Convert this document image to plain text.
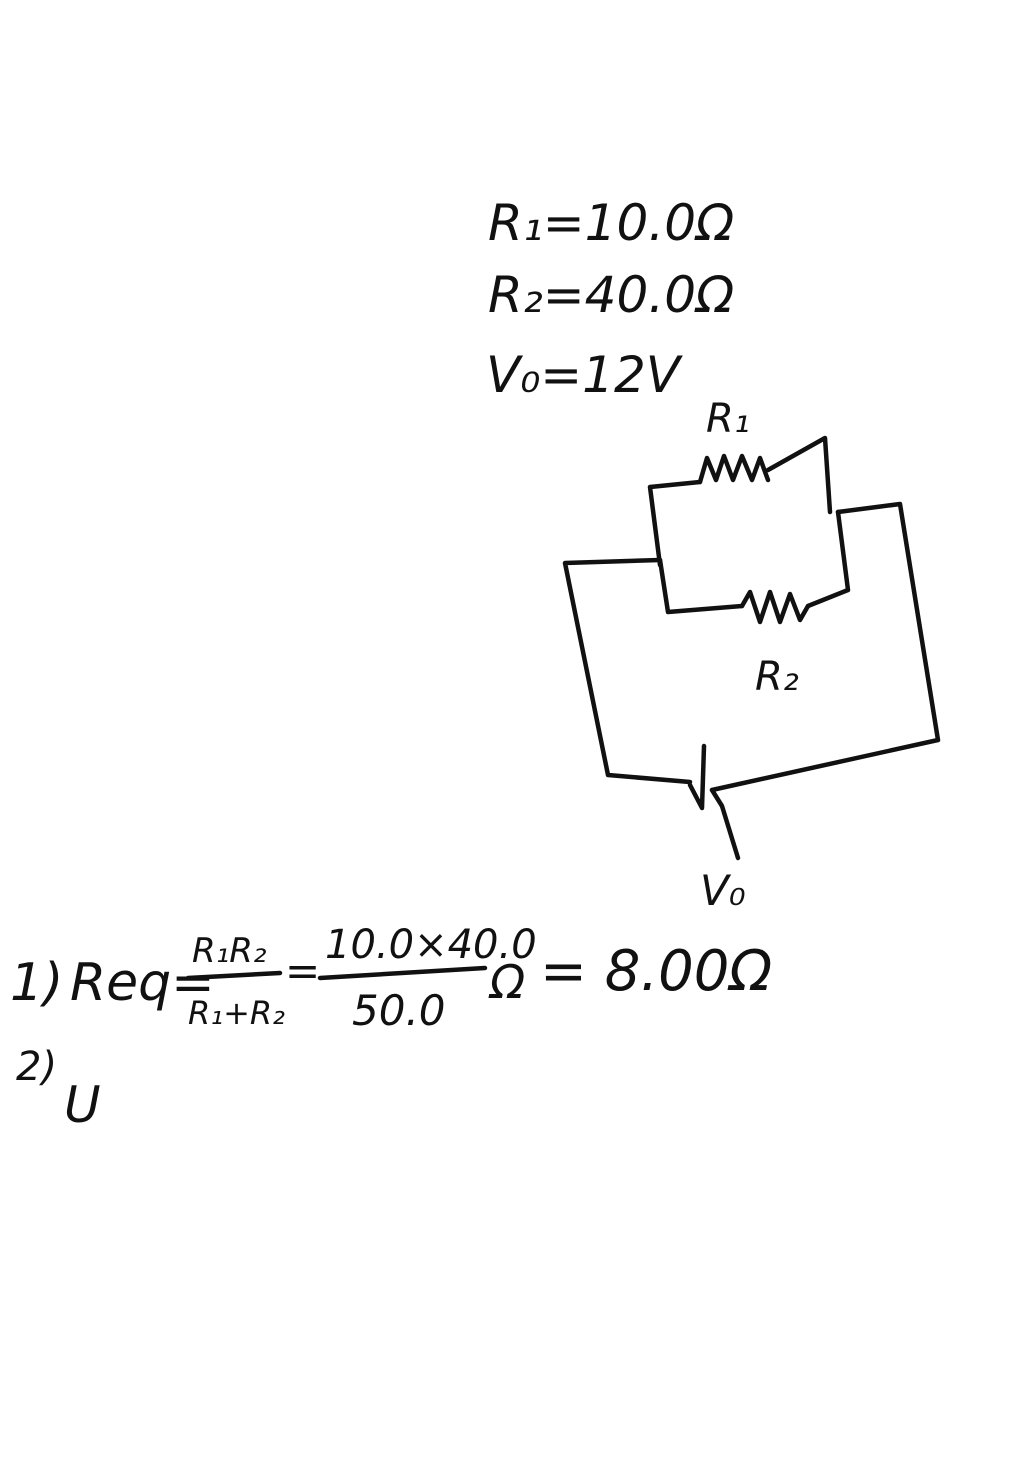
R₁=10.0Ω
R₂=40.0Ω
V₀=12V
R₁
R₂
V₀
1) Req=
R₁R₂
R₁+R₂
=
10.0×40.0
50.0
Ω = 8.00Ω
2)
U
